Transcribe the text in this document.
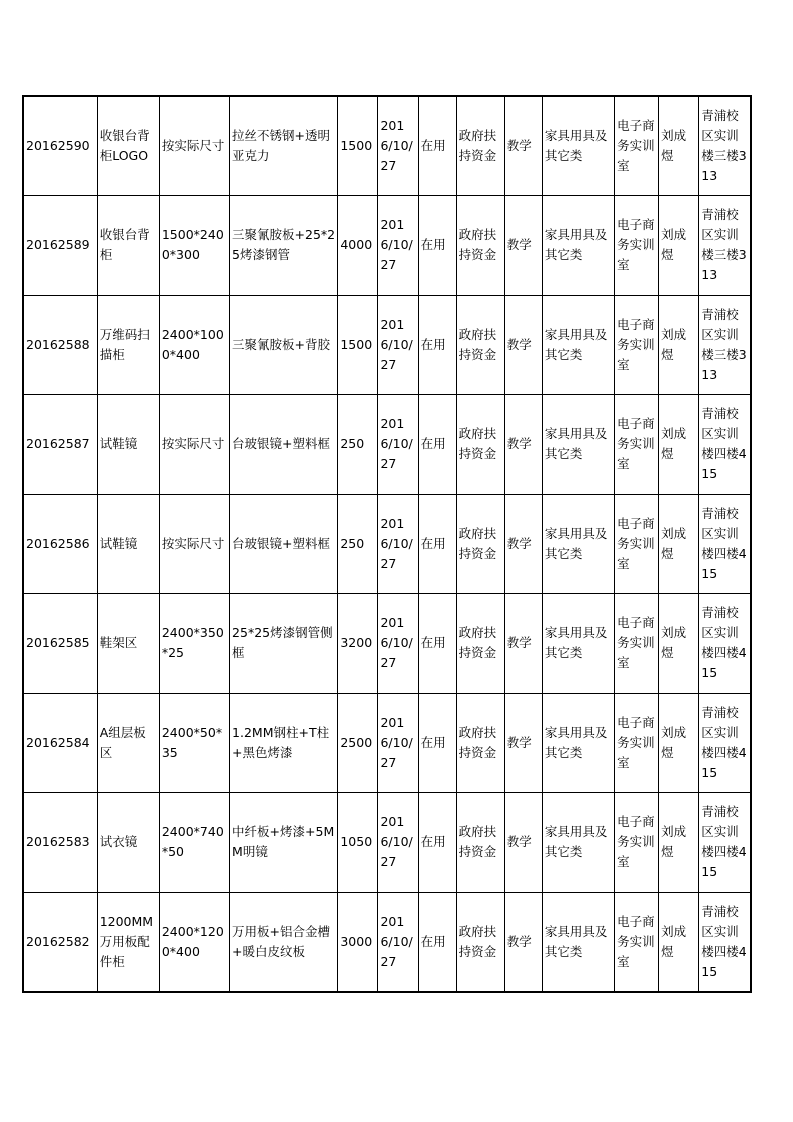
20162590	收银台背柜LOGO	按实际尺寸	拉丝不锈钢+透明亚克力	1500	2016/10/27	在用	政府扶持资金	教学	家具用具及其它类	电子商务实训室	刘成煜	青浦校区实训楼三楼313
20162589	收银台背柜	1500*2400*300	三聚氰胺板+25*25烤漆钢管	4000	2016/10/27	在用	政府扶持资金	教学	家具用具及其它类	电子商务实训室	刘成煜	青浦校区实训楼三楼313
20162588	万维码扫描柜	2400*1000*400	三聚氰胺板+背胶	1500	2016/10/27	在用	政府扶持资金	教学	家具用具及其它类	电子商务实训室	刘成煜	青浦校区实训楼三楼313
20162587	试鞋镜	按实际尺寸	台玻银镜+塑料框	250	2016/10/27	在用	政府扶持资金	教学	家具用具及其它类	电子商务实训室	刘成煜	青浦校区实训楼四楼415
20162586	试鞋镜	按实际尺寸	台玻银镜+塑料框	250	2016/10/27	在用	政府扶持资金	教学	家具用具及其它类	电子商务实训室	刘成煜	青浦校区实训楼四楼415
20162585	鞋架区	2400*350*25	25*25烤漆钢管侧框	3200	2016/10/27	在用	政府扶持资金	教学	家具用具及其它类	电子商务实训室	刘成煜	青浦校区实训楼四楼415
20162584	A组层板区	2400*50*35	1.2MM钢柱+T柱+黑色烤漆	2500	2016/10/27	在用	政府扶持资金	教学	家具用具及其它类	电子商务实训室	刘成煜	青浦校区实训楼四楼415
20162583	试衣镜	2400*740*50	中纤板+烤漆+5MM明镜	1050	2016/10/27	在用	政府扶持资金	教学	家具用具及其它类	电子商务实训室	刘成煜	青浦校区实训楼四楼415
20162582	1200MM万用板配件柜	2400*1200*400	万用板+铝合金槽+暖白皮纹板	3000	2016/10/27	在用	政府扶持资金	教学	家具用具及其它类	电子商务实训室	刘成煜	青浦校区实训楼四楼415
